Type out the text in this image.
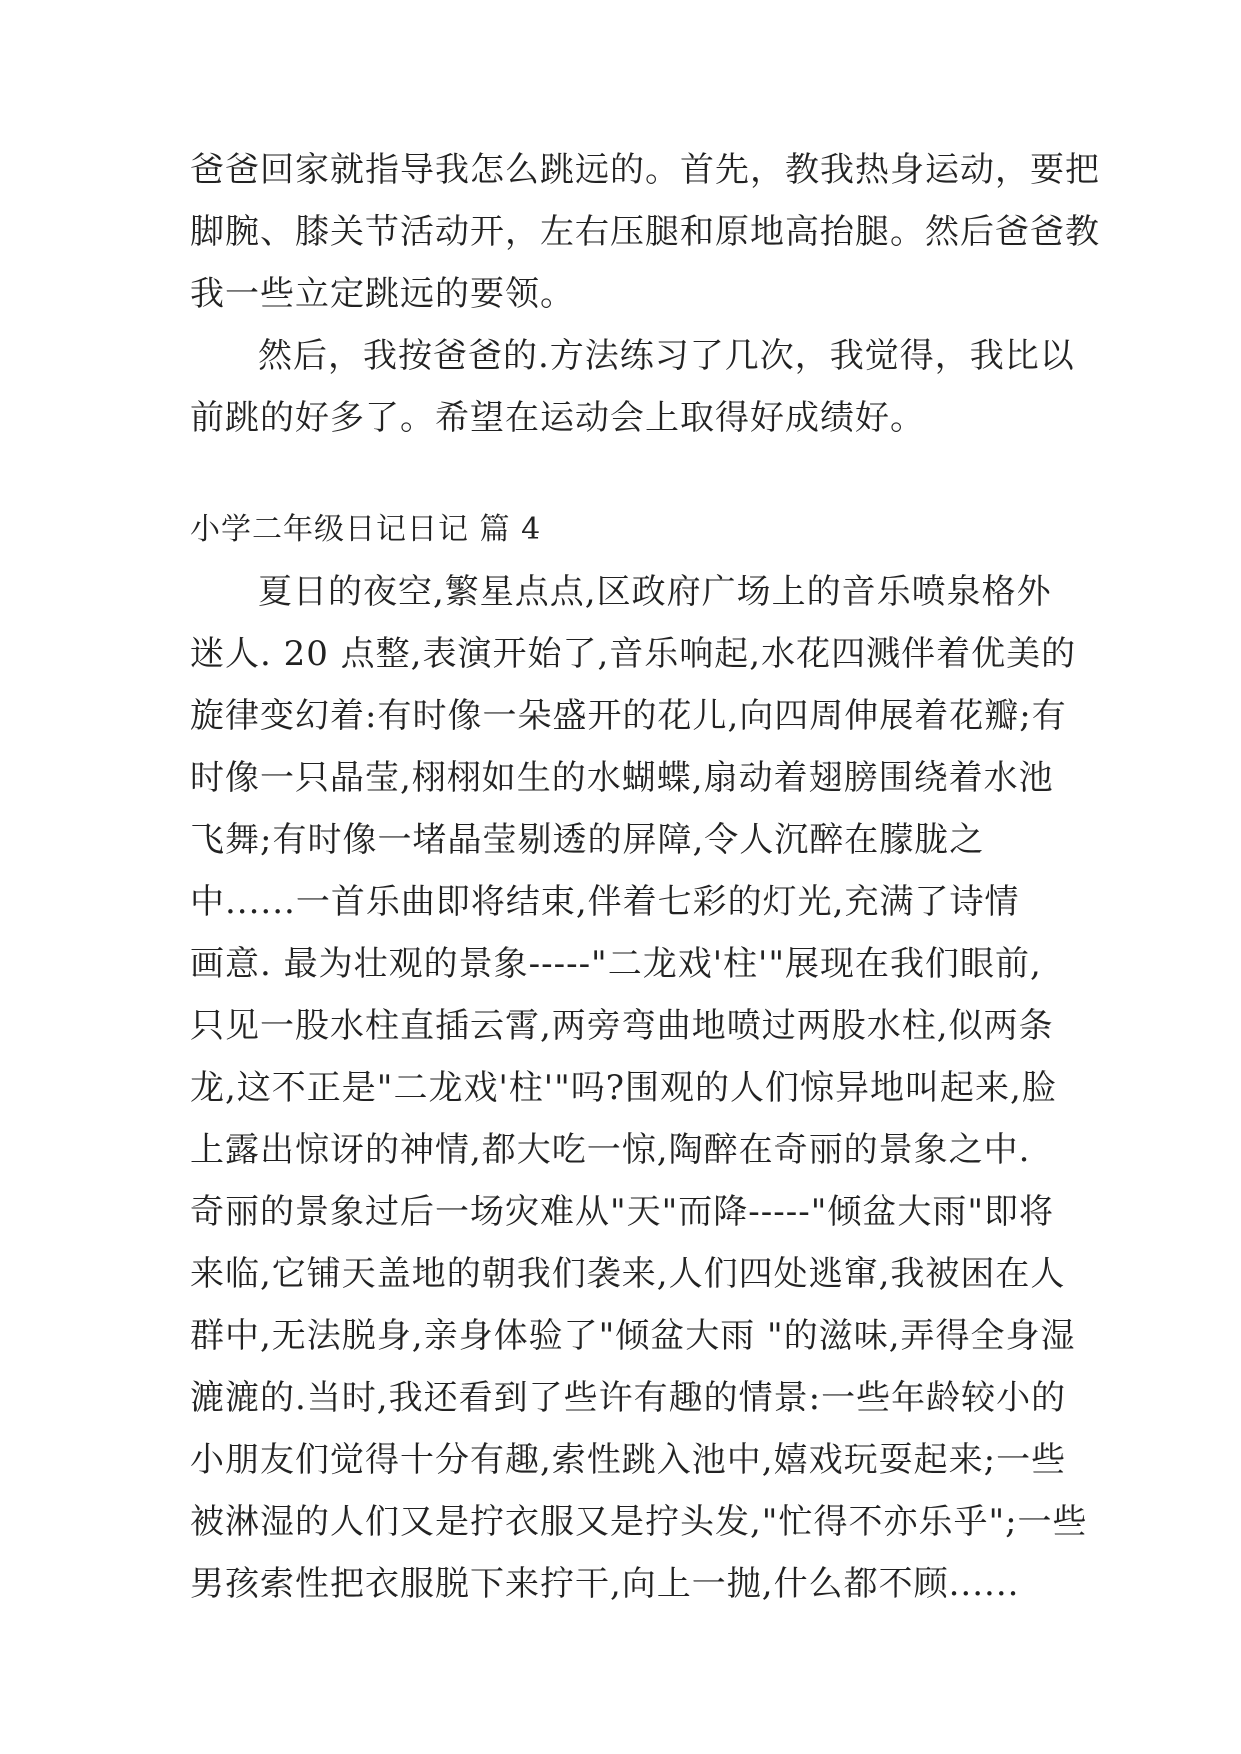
爸爸回家就指导我怎么跳远的。首先，教我热身运动，要把
脚腕、膝关节活动开，左右压腿和原地高抬腿。然后爸爸教
我一些立定跳远的要领。
然后，我按爸爸的.方法练习了几次，我觉得，我比以
前跳的好多了。希望在运动会上取得好成绩好。
小学二年级日记日记 篇 4
夏日的夜空,繁星点点,区政府广场上的音乐喷泉格外
迷人. 20 点整,表演开始了,音乐响起,水花四溅伴着优美的
旋律变幻着:有时像一朵盛开的花儿,向四周伸展着花瓣;有
时像一只晶莹,栩栩如生的水蝴蝶,扇动着翅膀围绕着水池
飞舞;有时像一堵晶莹剔透的屏障,令人沉醉在朦胧之
中......一首乐曲即将结束,伴着七彩的灯光,充满了诗情
画意. 最为壮观的景象-----"二龙戏'柱'"展现在我们眼前,
只见一股水柱直插云霄,两旁弯曲地喷过两股水柱,似两条
龙,这不正是"二龙戏'柱'"吗?围观的人们惊异地叫起来,脸
上露出惊讶的神情,都大吃一惊,陶醉在奇丽的景象之中.
奇丽的景象过后一场灾难从"天"而降-----"倾盆大雨"即将
来临,它铺天盖地的朝我们袭来,人们四处逃窜,我被困在人
群中,无法脱身,亲身体验了"倾盆大雨 "的滋味,弄得全身湿
漉漉的.当时,我还看到了些许有趣的情景:一些年龄较小的
小朋友们觉得十分有趣,索性跳入池中,嬉戏玩耍起来;一些
被淋湿的人们又是拧衣服又是拧头发,"忙得不亦乐乎";一些
男孩索性把衣服脱下来拧干,向上一抛,什么都不顾......
